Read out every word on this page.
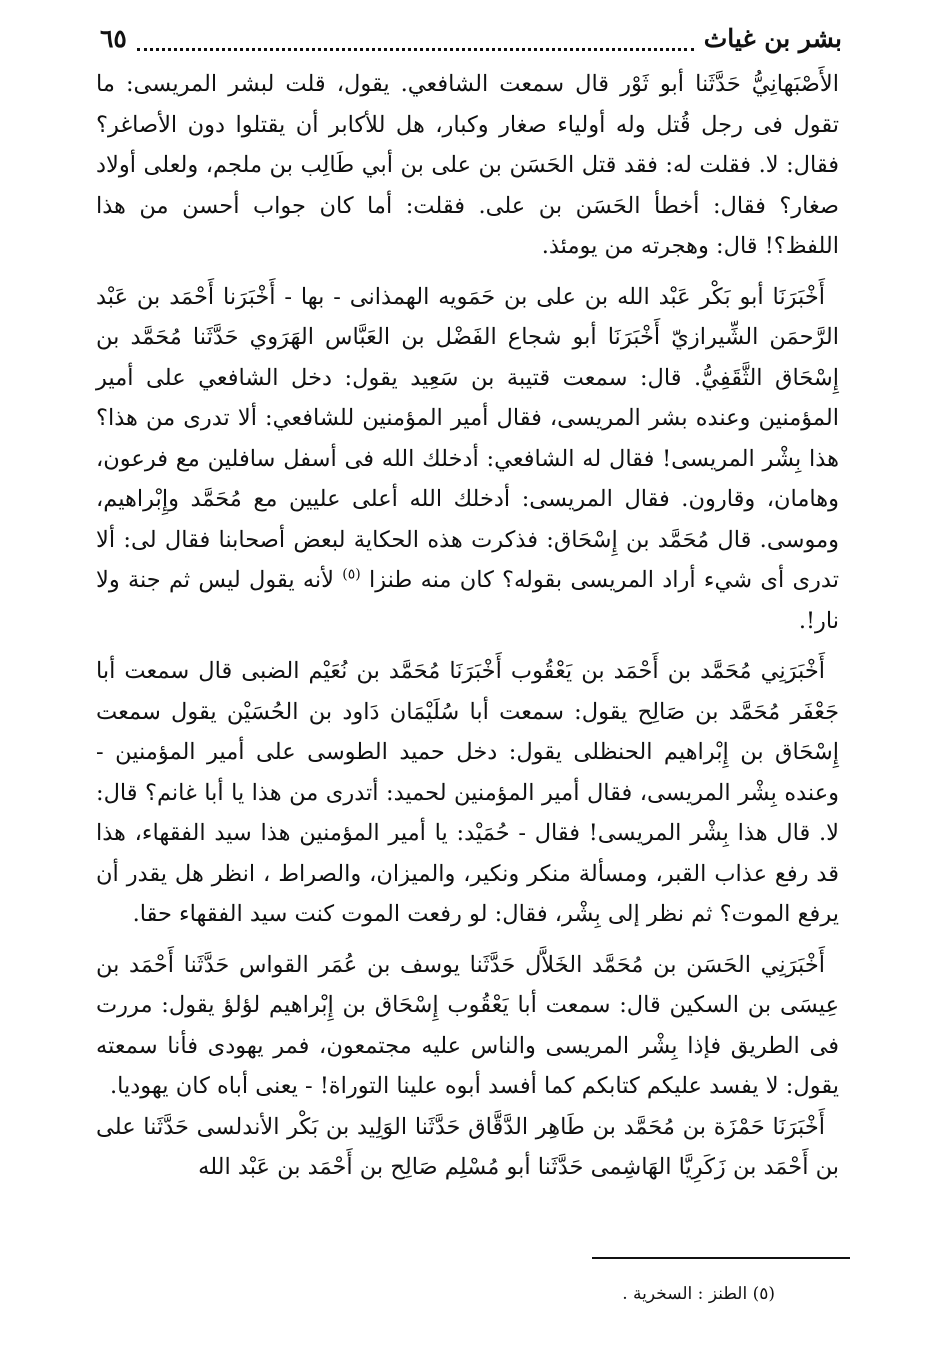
بشر بن غياث
٦٥

الأَصْبَهانِيُّ حَدَّثَنا أبو ثَوْر قال سمعت الشافعي. يقول، قلت لبشر المريسى: ما تقول فى رجل قُتل وله أولياء صغار وكبار، هل للأكابر أن يقتلوا دون الأصاغر؟ فقال: لا. فقلت له: فقد قتل الحَسَن بن على بن أبي طَالِب بن ملجم، ولعلى أولاد صغار؟ فقال: أخطأ الحَسَن بن على. فقلت: أما كان جواب أحسن من هذا اللفظ؟! قال: وهجرته من يومئذ.

أَخْبَرَنَا أبو بَكْر عَبْد الله بن على بن حَمَويه الهمذانى - بها - أَخْبَرَنا أَحْمَد بن عَبْد الرَّحمَن الشِّيرازيّ أَخْبَرَنَا أبو شجاع الفَضْل بن العَبَّاس الهَرَوي حَدَّثَنا مُحَمَّد بن إِسْحَاق الثَّقَفِيُّ. قال: سمعت قتيبة بن سَعِيد يقول: دخل الشافعي على أمير المؤمنين وعنده بشر المريسى، فقال أمير المؤمنين للشافعي: ألا تدرى من هذا؟ هذا بِشْر المريسى! فقال له الشافعي: أدخلك الله فى أسفل سافلين مع فرعون، وهامان، وقارون. فقال المريسى: أدخلك الله أعلى عليين مع مُحَمَّد وإِبْراهيم، وموسى. قال مُحَمَّد بن إِسْحَاق: فذكرت هذه الحكاية لبعض أصحابنا فقال لى: ألا تدرى أى شيء أراد المريسى بقوله؟ كان منه طنزا $^{(٥)}$ لأنه يقول ليس ثم جنة ولا نار!.

أَخْبَرَنِي مُحَمَّد بن أَحْمَد بن يَعْقُوب أَخْبَرَنَا مُحَمَّد بن نُعَيْم الضبى قال سمعت أبا جَعْفَر مُحَمَّد بن صَالِح يقول: سمعت أبا سُلَيْمَان دَاود بن الحُسَيْن يقول سمعت إِسْحَاق بن إِبْراهيم الحنظلى يقول: دخل حميد الطوسى على أمير المؤمنين - وعنده بِشْر المريسى، فقال أمير المؤمنين لحميد: أتدرى من هذا يا أبا غانم؟ قال: لا. قال هذا بِشْر المريسى! فقال - حُمَيْد: يا أمير المؤمنين هذا سيد الفقهاء، هذا قد رفع عذاب القبر، ومسألة منكر ونكير، والميزان، والصراط ، انظر هل يقدر أن يرفع الموت؟ ثم نظر إلى بِشْر، فقال: لو رفعت الموت كنت سيد الفقهاء حقا.

أَخْبَرَنِي الحَسَن بن مُحَمَّد الخَلاَّل حَدَّثَنا يوسف بن عُمَر القواس حَدَّثَنا أَحْمَد بن عِيسَى بن السكين قال: سمعت أبا يَعْقُوب إِسْحَاق بن إِبْراهيم لؤلؤ يقول: مررت فى الطريق فإذا بِشْر المريسى والناس عليه مجتمعون، فمر يهودى فأنا سمعته يقول: لا يفسد عليكم كتابكم كما أفسد أبوه علينا التوراة! - يعنى أباه كان يهوديا.

أَخْبَرَنَا حَمْزَة بن مُحَمَّد بن طَاهِر الدَّقَّاق حَدَّثَنا الوَلِيد بن بَكْر الأندلسى حَدَّثَنا على بن أَحْمَد بن زَكَرِيَّا الهَاشِمى حَدَّثَنا أبو مُسْلِم صَالِح بن أَحْمَد بن عَبْد الله

(٥) الطنز : السخرية .
